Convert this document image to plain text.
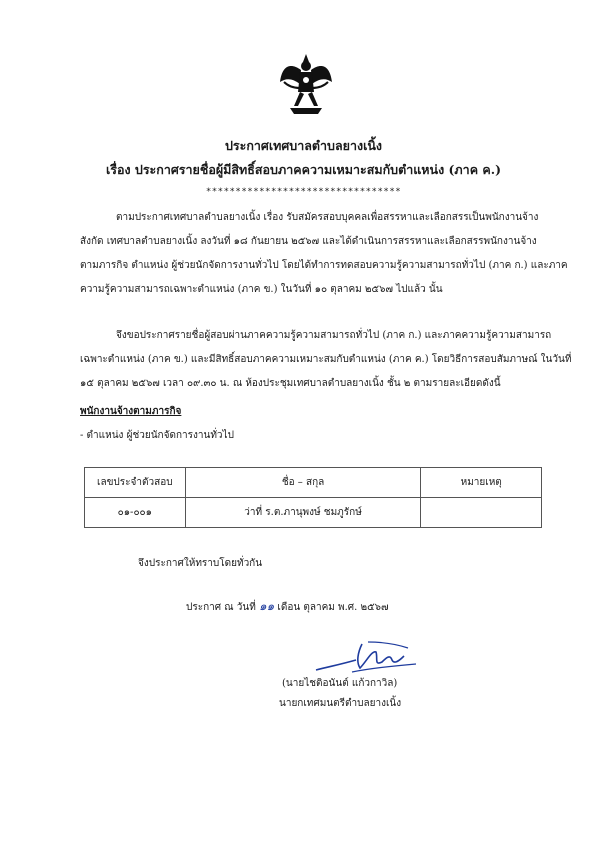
ประกาศเทศบาลตำบลยางเนิ้ง
เรื่อง ประกาศรายชื่อผู้มีสิทธิ์สอบภาคความเหมาะสมกับตำแหน่ง (ภาค ค.)
*********************************
ตามประกาศเทศบาลตำบลยางเนิ้ง เรื่อง รับสมัครสอบบุคคลเพื่อสรรหาและเลือกสรรเป็นพนักงานจ้าง
สังกัด เทศบาลตำบลยางเนิ้ง ลงวันที่ ๑๘ กันยายน ๒๕๖๗ และได้ดำเนินการสรรหาและเลือกสรรพนักงานจ้าง
ตามภารกิจ ตำแหน่ง ผู้ช่วยนักจัดการงานทั่วไป โดยได้ทำการทดสอบความรู้ความสามารถทั่วไป (ภาค ก.) และภาค
ความรู้ความสามารถเฉพาะตำแหน่ง (ภาค ข.) ในวันที่ ๑๐ ตุลาคม ๒๕๖๗ ไปแล้ว นั้น
จึงขอประกาศรายชื่อผู้สอบผ่านภาคความรู้ความสามารถทั่วไป (ภาค ก.) และภาคความรู้ความสามารถ
เฉพาะตำแหน่ง (ภาค ข.) และมีสิทธิ์สอบภาคความเหมาะสมกับตำแหน่ง (ภาค ค.) โดยวิธีการสอบสัมภาษณ์ ในวันที่
๑๕ ตุลาคม ๒๕๖๗ เวลา ๐๙.๓๐ น. ณ ห้องประชุมเทศบาลตำบลยางเนิ้ง ชั้น ๒ ตามรายละเอียดดังนี้
พนักงานจ้างตามภารกิจ
- ตำแหน่ง ผู้ช่วยนักจัดการงานทั่วไป
เลขประจำตัวสอบ	ชื่อ – สกุล	หมายเหตุ
๐๑-๐๐๑	ว่าที่ ร.ต.ภานุพงษ์ ชมภูรักษ์	
จึงประกาศให้ทราบโดยทั่วกัน
ประกาศ ณ วันที่ ๑๑ เดือน ตุลาคม พ.ศ. ๒๕๖๗
(นายไชติอนันต์ แก้วกาวิล)
นายกเทศมนตรีตำบลยางเนิ้ง
